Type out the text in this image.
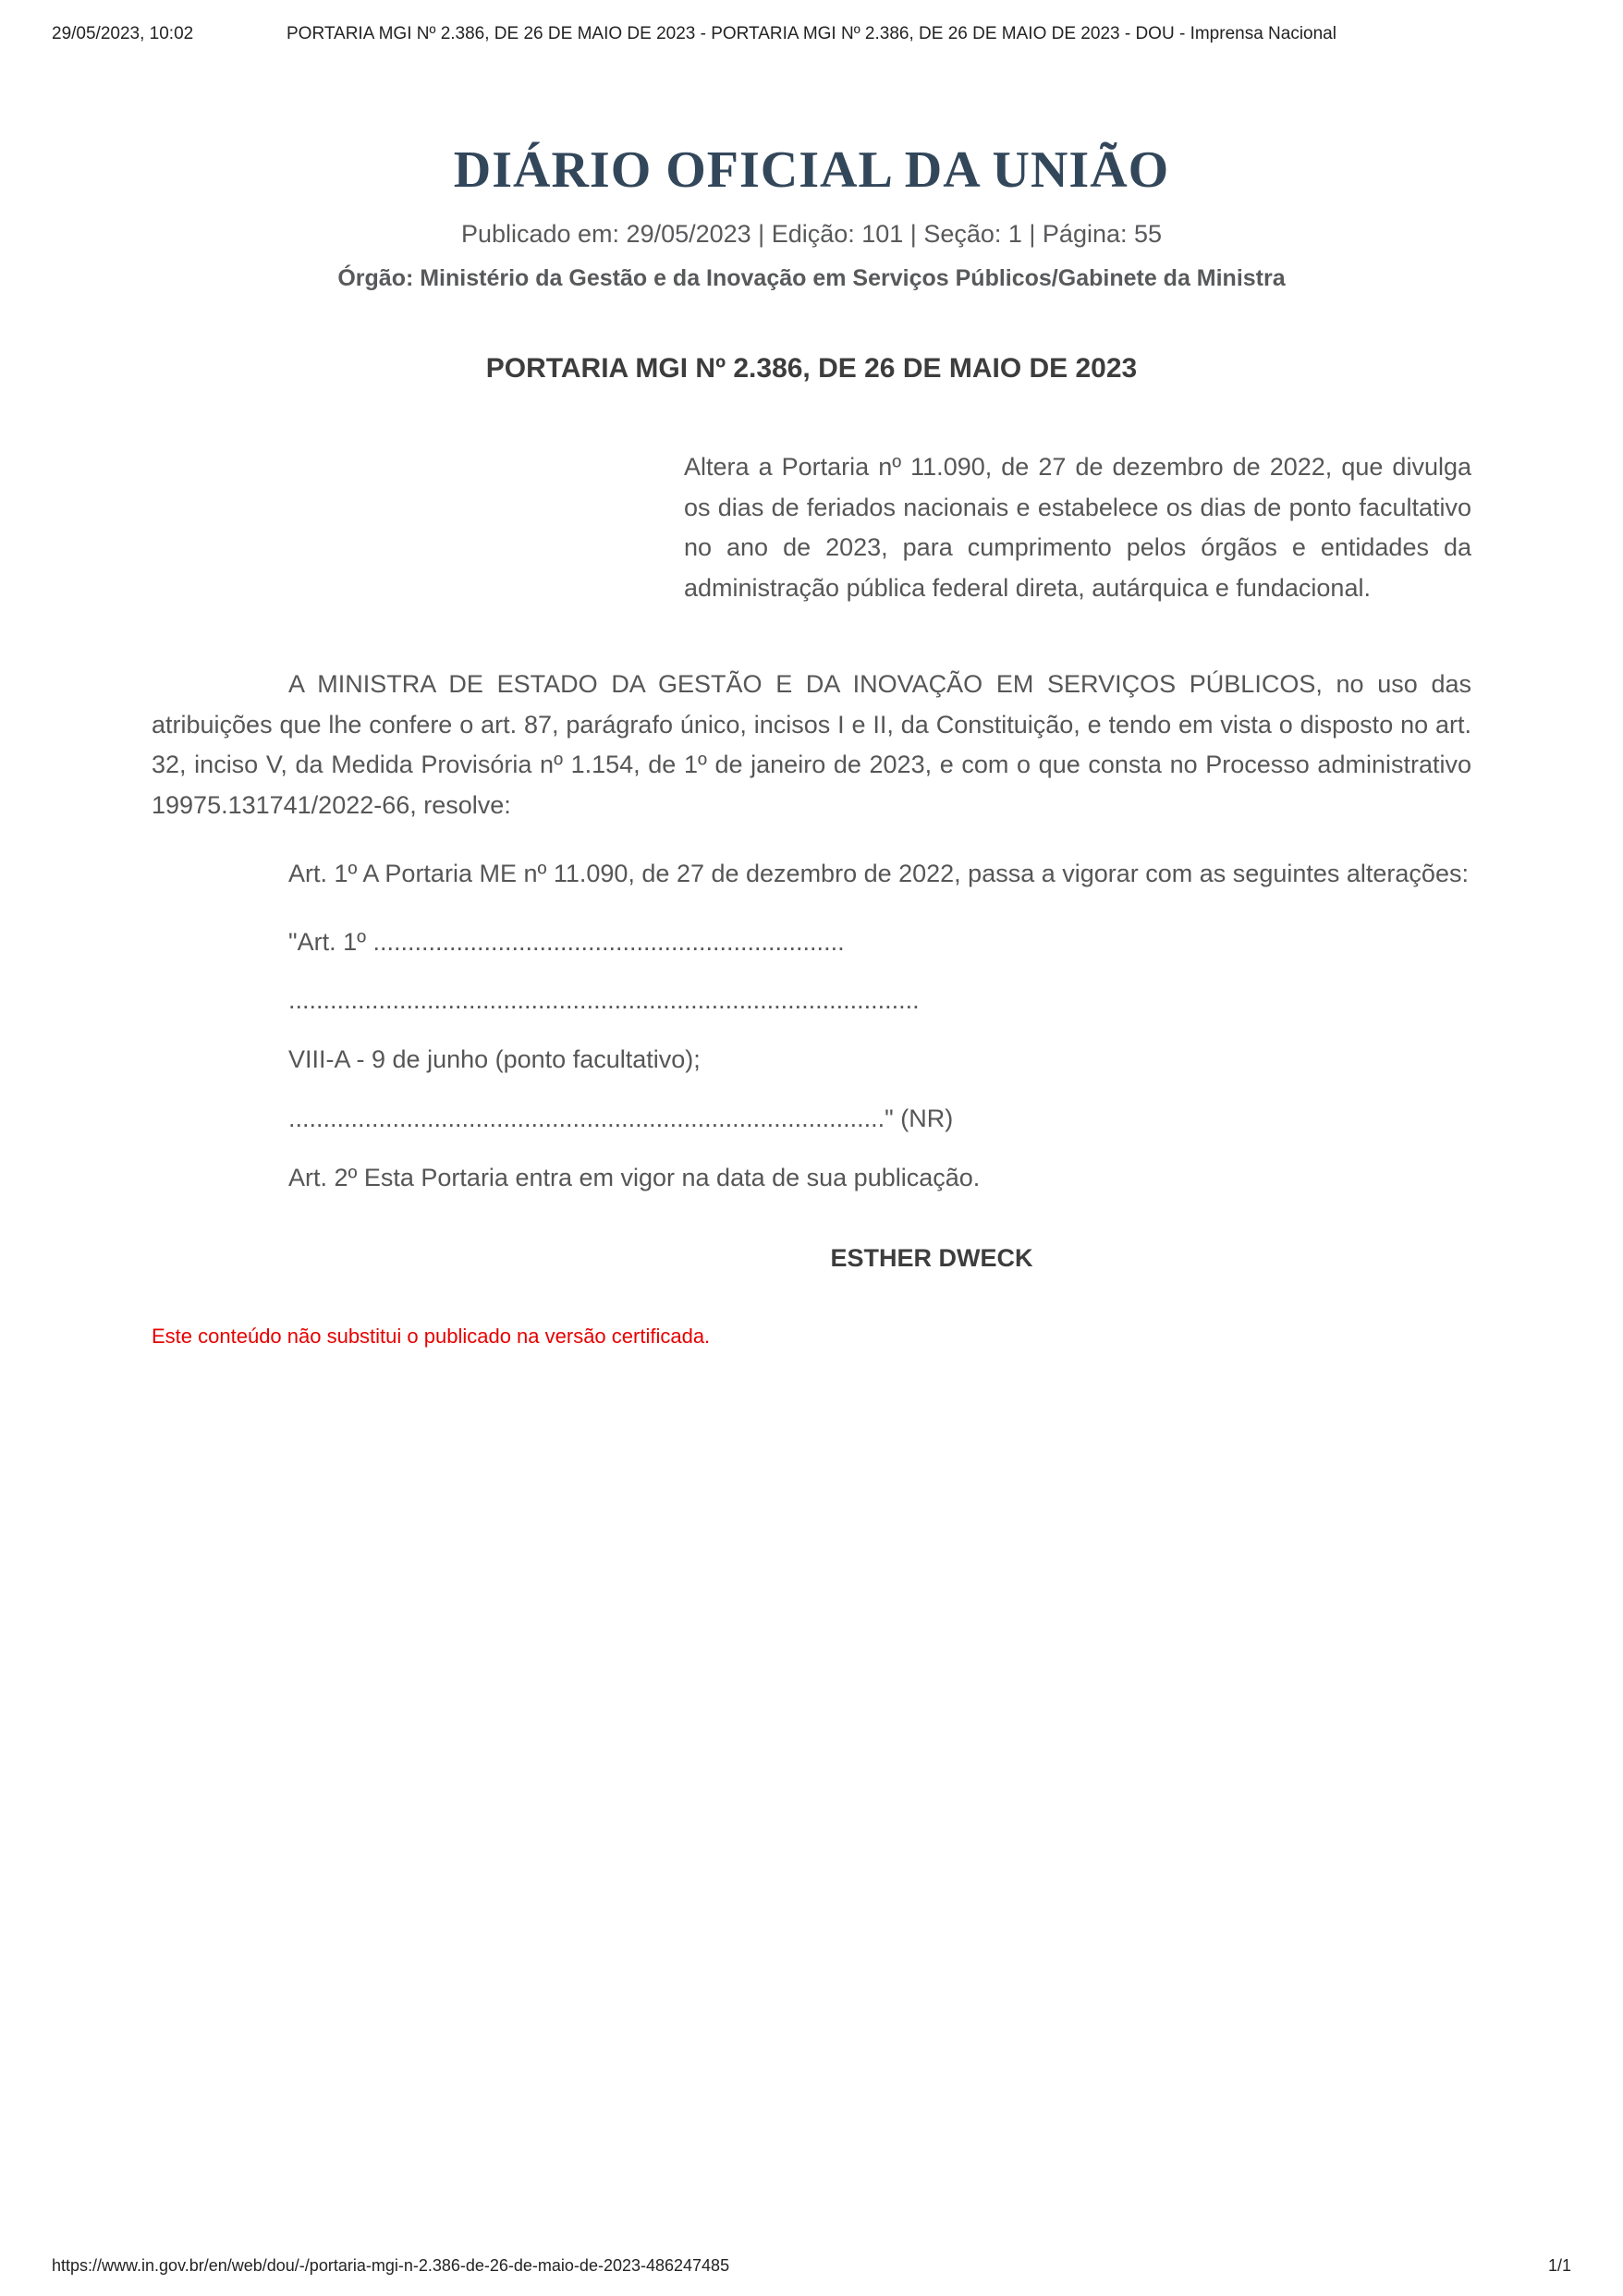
29/05/2023, 10:02	PORTARIA MGI Nº 2.386, DE 26 DE MAIO DE 2023 - PORTARIA MGI Nº 2.386, DE 26 DE MAIO DE 2023 - DOU - Imprensa Nacional
DIÁRIO OFICIAL DA UNIÃO

Publicado em: 29/05/2023 | Edição: 101 | Seção: 1 | Página: 55

Órgão: Ministério da Gestão e da Inovação em Serviços Públicos/Gabinete da Ministra

PORTARIA MGI Nº 2.386, DE 26 DE MAIO DE 2023

Altera a Portaria nº 11.090, de 27 de dezembro de 2022, que divulga os dias de feriados nacionais e estabelece os dias de ponto facultativo no ano de 2023, para cumprimento pelos órgãos e entidades da administração pública federal direta, autárquica e fundacional.

A MINISTRA DE ESTADO DA GESTÃO E DA INOVAÇÃO EM SERVIÇOS PÚBLICOS, no uso das atribuições que lhe confere o art. 87, parágrafo único, incisos I e II, da Constituição, e tendo em vista o disposto no art. 32, inciso V, da Medida Provisória nº 1.154, de 1º de janeiro de 2023, e com o que consta no Processo administrativo 19975.131741/2022-66, resolve:

Art. 1º A Portaria ME nº 11.090, de 27 de dezembro de 2022, passa a vigorar com as seguintes alterações:

"Art. 1º ....................................................................

...........................................................................................

VIII-A - 9 de junho (ponto facultativo);

......................................................................................" (NR)

Art. 2º Esta Portaria entra em vigor na data de sua publicação.

ESTHER DWECK

Este conteúdo não substitui o publicado na versão certificada.

https://www.in.gov.br/en/web/dou/-/portaria-mgi-n-2.386-de-26-de-maio-de-2023-486247485	1/1
